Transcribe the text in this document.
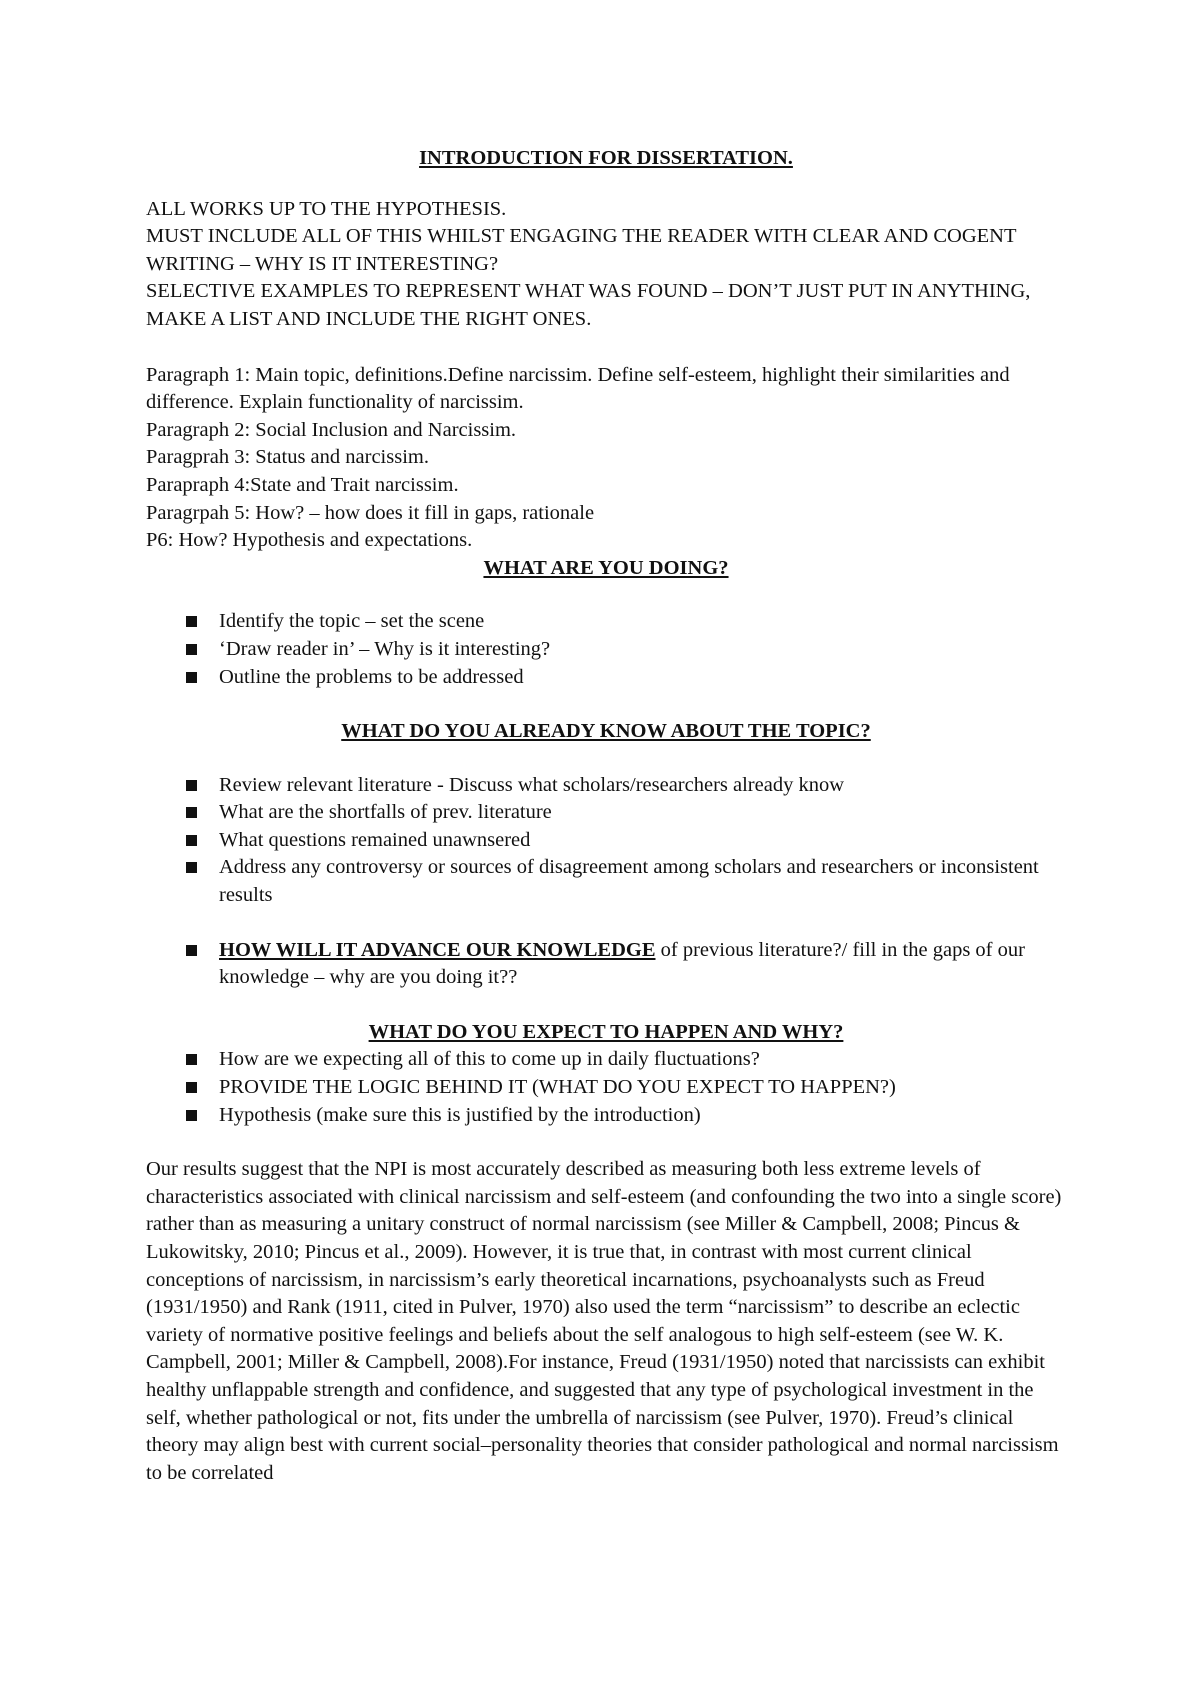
INTRODUCTION FOR DISSERTATION.

ALL WORKS UP TO THE HYPOTHESIS.

MUST INCLUDE ALL OF THIS WHILST ENGAGING THE READER WITH CLEAR AND COGENT WRITING – WHY IS IT INTERESTING?

SELECTIVE EXAMPLES TO REPRESENT WHAT WAS FOUND – DON’T JUST PUT IN ANYTHING, MAKE A LIST AND INCLUDE THE RIGHT ONES.

Paragraph 1: Main topic, definitions.Define narcissim. Define self-esteem, highlight their similarities and difference. Explain functionality of narcissim.

Paragraph 2: Social Inclusion and Narcissim.

Paragprah 3: Status and narcissim.

Parapraph 4:State and Trait narcissim.

Paragrpah 5: How? – how does it fill in gaps, rationale

P6: How? Hypothesis and expectations.

WHAT ARE YOU DOING?

Identify the topic – set the scene
‘Draw reader in’ – Why is it interesting?
Outline the problems to be addressed

WHAT DO YOU ALREADY KNOW ABOUT THE TOPIC?

Review relevant literature - Discuss what scholars/researchers already know
What are the shortfalls of prev. literature
What questions remained unawnsered
Address any controversy or sources of disagreement among scholars and researchers or inconsistent results
HOW WILL IT ADVANCE OUR KNOWLEDGE of previous literature?/ fill in the gaps of our knowledge – why are you doing it??

WHAT DO YOU EXPECT TO HAPPEN AND WHY?

How are we expecting all of this to come up in daily fluctuations?
PROVIDE THE LOGIC BEHIND IT (WHAT DO YOU EXPECT TO HAPPEN?)
Hypothesis (make sure this is justified by the introduction)

Our results suggest that the NPI is most accurately described as measuring both less extreme levels of characteristics associated with clinical narcissism and self-esteem (and confounding the two into a single score) rather than as measuring a unitary construct of normal narcissism (see Miller & Campbell, 2008; Pincus & Lukowitsky, 2010; Pincus et al., 2009). However, it is true that, in contrast with most current clinical conceptions of narcissism, in narcissism’s early theoretical incarnations, psychoanalysts such as Freud (1931/1950) and Rank (1911, cited in Pulver, 1970) also used the term “narcissism” to describe an eclectic variety of normative positive feelings and beliefs about the self analogous to high self-esteem (see W. K. Campbell, 2001; Miller & Campbell, 2008).For instance, Freud (1931/1950) noted that narcissists can exhibit healthy unflappable strength and confidence, and suggested that any type of psychological investment in the self, whether pathological or not, fits under the umbrella of narcissism (see Pulver, 1970). Freud’s clinical theory may align best with current social–personality theories that consider pathological and normal narcissism to be correlated
